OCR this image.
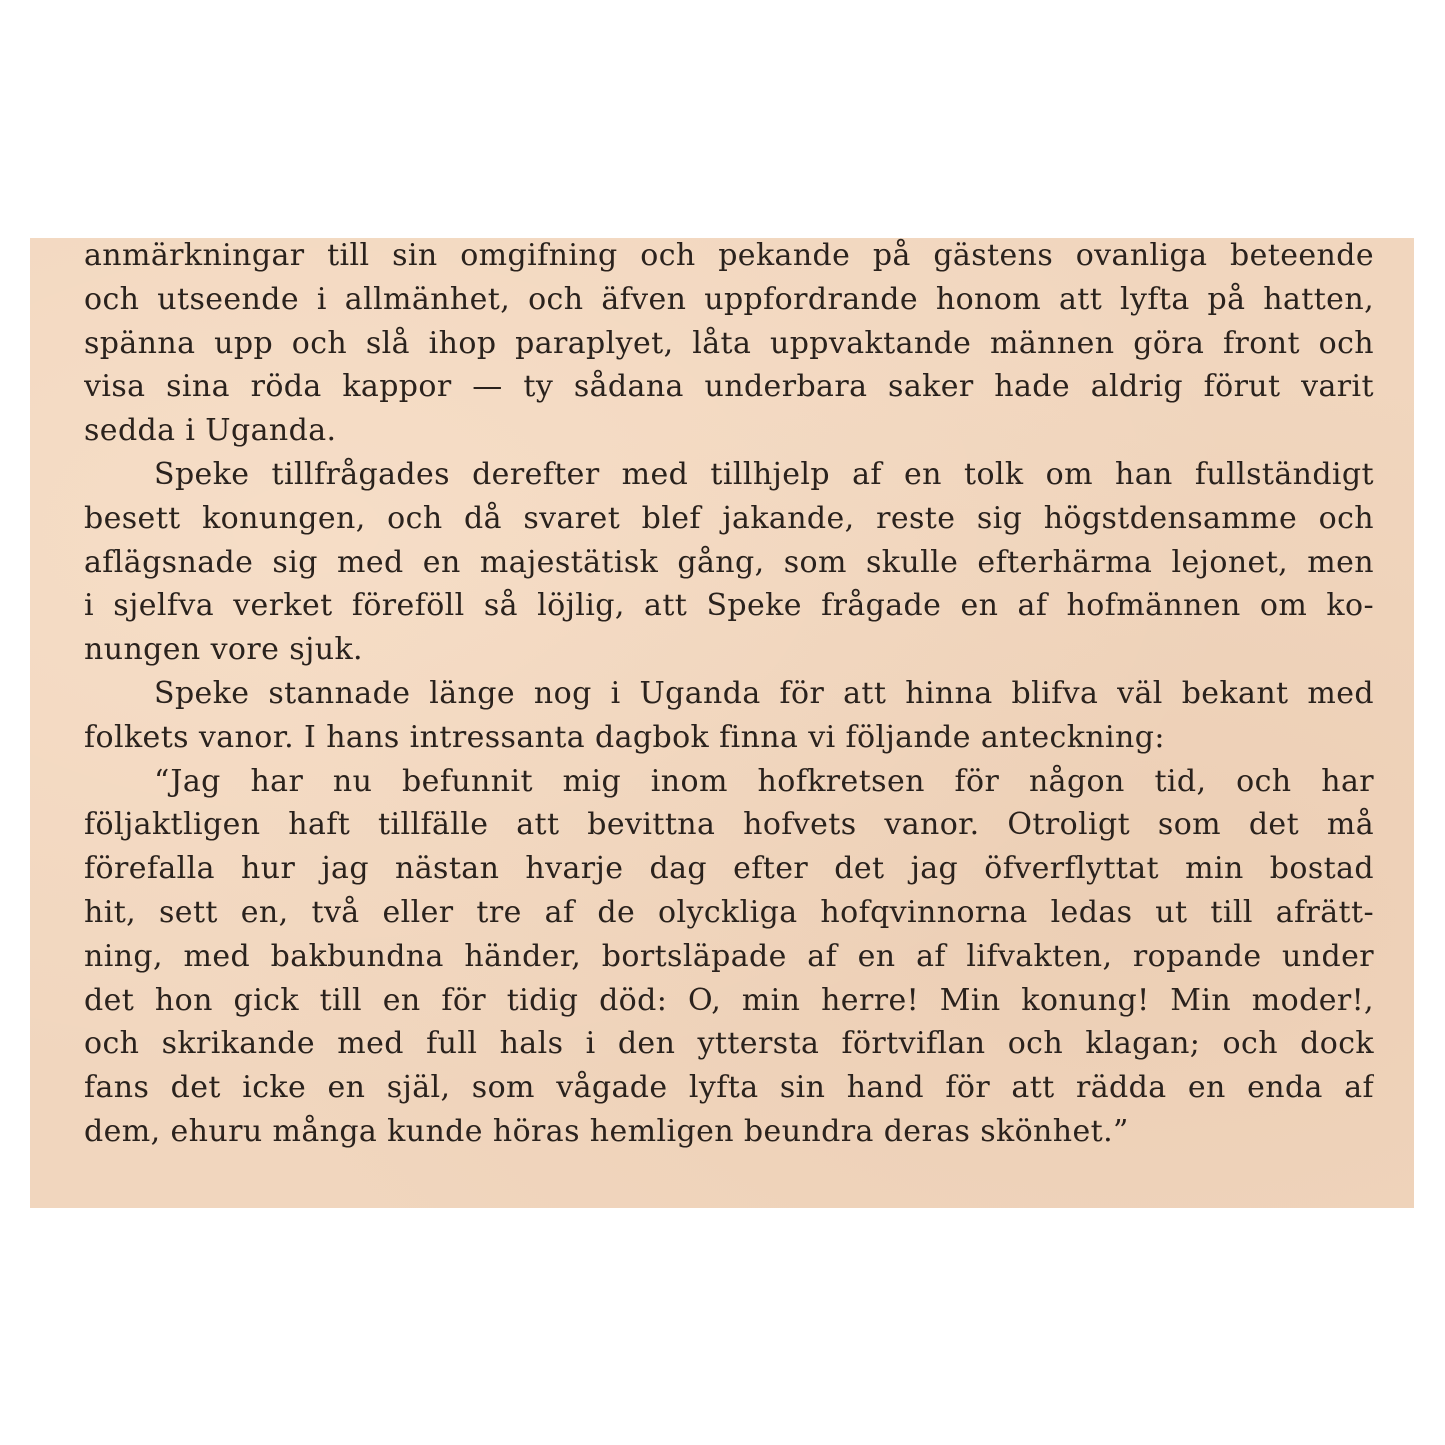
anmärkningar till sin omgifning och pekande på gästens ovanliga beteende
och utseende i allmänhet, och äfven uppfordrande honom att lyfta på hatten,
spänna upp och slå ihop paraplyet, låta uppvaktande männen göra front och
visa sina röda kappor — ty sådana underbara saker hade aldrig förut varit
sedda i Uganda.
Speke tillfrågades derefter med tillhjelp af en tolk om han fullständigt
besett konungen, och då svaret blef jakande, reste sig högstdensamme och
aflägsnade sig med en majestätisk gång, som skulle efterhärma lejonet, men
i sjelfva verket föreföll så löjlig, att Speke frågade en af hofmännen om ko-
nungen vore sjuk.
Speke stannade länge nog i Uganda för att hinna blifva väl bekant med
folkets vanor. I hans intressanta dagbok finna vi följande anteckning:
“Jag har nu befunnit mig inom hofkretsen för någon tid, och har
följaktligen haft tillfälle att bevittna hofvets vanor. Otroligt som det må
förefalla hur jag nästan hvarje dag efter det jag öfverflyttat min bostad
hit, sett en, två eller tre af de olyckliga hofqvinnorna ledas ut till afrätt-
ning, med bakbundna händer, bortsläpade af en af lifvakten, ropande under
det hon gick till en för tidig död: O, min herre! Min konung! Min moder!,
och skrikande med full hals i den yttersta förtviflan och klagan; och dock
fans det icke en själ, som vågade lyfta sin hand för att rädda en enda af
dem, ehuru många kunde höras hemligen beundra deras skönhet.”
